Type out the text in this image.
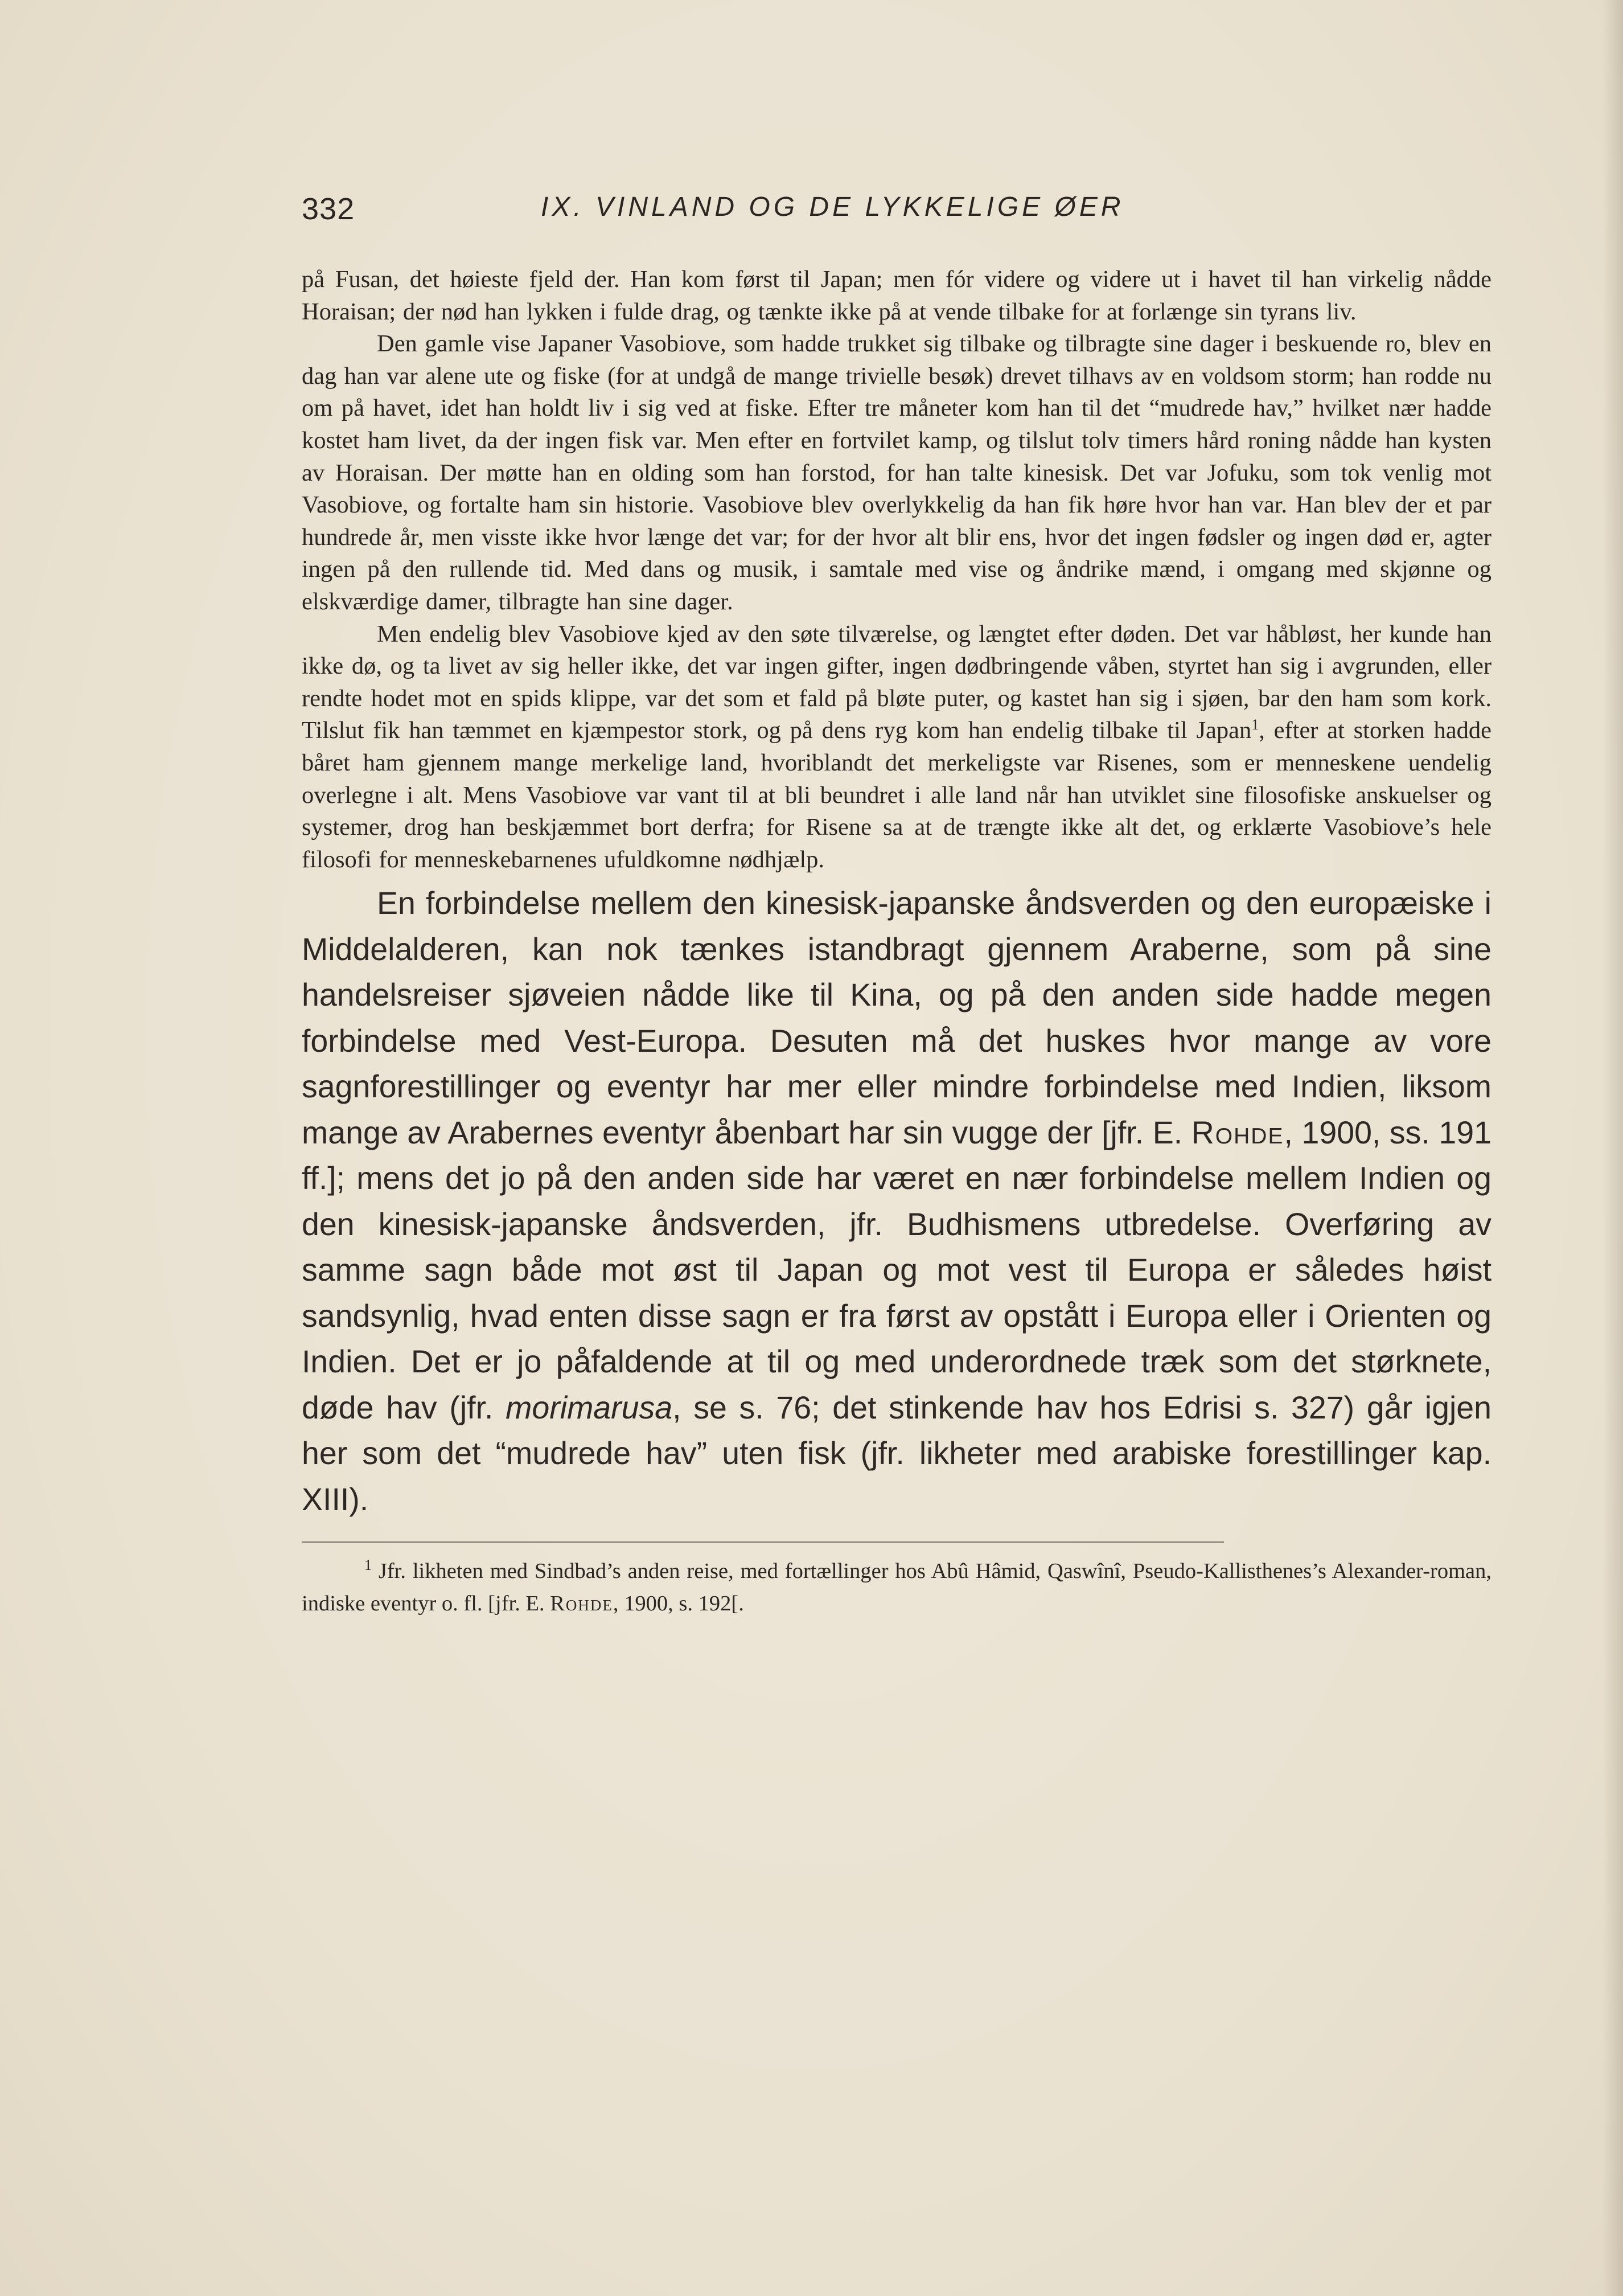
332	IX. VINLAND OG DE LYKKELIGE ØER

på Fusan, det høieste fjeld der. Han kom først til Japan; men fór videre og videre ut i havet til han virkelig nådde Horaisan; der nød han lykken i fulde drag, og tænkte ikke på at vende tilbake for at forlænge sin tyrans liv.

Den gamle vise Japaner Vasobiove, som hadde trukket sig tilbake og tilbragte sine dager i beskuende ro, blev en dag han var alene ute og fiske (for at undgå de mange trivielle besøk) drevet tilhavs av en voldsom storm; han rodde nu om på havet, idet han holdt liv i sig ved at fiske. Efter tre måneter kom han til det “mudrede hav,” hvilket nær hadde kostet ham livet, da der ingen fisk var. Men efter en fortvilet kamp, og tilslut tolv timers hård roning nådde han kysten av Horaisan. Der møtte han en olding som han forstod, for han talte kinesisk. Det var Jofuku, som tok venlig mot Vasobiove, og fortalte ham sin historie. Vasobiove blev overlykkelig da han fik høre hvor han var. Han blev der et par hundrede år, men visste ikke hvor længe det var; for der hvor alt blir ens, hvor det ingen fødsler og ingen død er, agter ingen på den rullende tid. Med dans og musik, i samtale med vise og åndrike mænd, i omgang med skjønne og elskværdige damer, tilbragte han sine dager.

Men endelig blev Vasobiove kjed av den søte tilværelse, og længtet efter døden. Det var håbløst, her kunde han ikke dø, og ta livet av sig heller ikke, det var ingen gifter, ingen dødbringende våben, styrtet han sig i avgrunden, eller rendte hodet mot en spids klippe, var det som et fald på bløte puter, og kastet han sig i sjøen, bar den ham som kork. Tilslut fik han tæmmet en kjæmpestor stork, og på dens ryg kom han endelig tilbake til Japan$^1$, efter at storken hadde båret ham gjennem mange merkelige land, hvoriblandt det merkeligste var Risenes, som er menneskene uendelig overlegne i alt. Mens Vasobiove var vant til at bli beundret i alle land når han utviklet sine filosofiske anskuelser og systemer, drog han beskjæmmet bort derfra; for Risene sa at de trængte ikke alt det, og erklærte Vasobiove’s hele filosofi for menneskebarnenes ufuldkomne nødhjælp.

En forbindelse mellem den kinesisk-japanske åndsverden og den europæiske i Middelalderen, kan nok tænkes istandbragt gjennem Araberne, som på sine handelsreiser sjøveien nådde like til Kina, og på den anden side hadde megen forbindelse med Vest-Europa. Desuten må det huskes hvor mange av vore sagnforestillinger og eventyr har mer eller mindre forbindelse med Indien, liksom mange av Arabernes eventyr åbenbart har sin vugge der [jfr. E. Rohde, 1900, ss. 191 ff.]; mens det jo på den anden side har været en nær forbindelse mellem Indien og den kinesisk-japanske åndsverden, jfr. Budhismens utbredelse. Overføring av samme sagn både mot øst til Japan og mot vest til Europa er således høist sandsynlig, hvad enten disse sagn er fra først av opstått i Europa eller i Orienten og Indien. Det er jo påfaldende at til og med underordnede træk som det størknete, døde hav (jfr. morimarusa, se s. 76; det stinkende hav hos Edrisi s. 327) går igjen her som det “mudrede hav” uten fisk (jfr. likheter med arabiske forestillinger kap. XIII).

$^1$ Jfr. likheten med Sindbad’s anden reise, med fortællinger hos Abû Hâmid, Qaswînî, Pseudo-Kallisthenes’s Alexander-roman, indiske eventyr o. fl. [jfr. E. Rohde, 1900, s. 192[.
